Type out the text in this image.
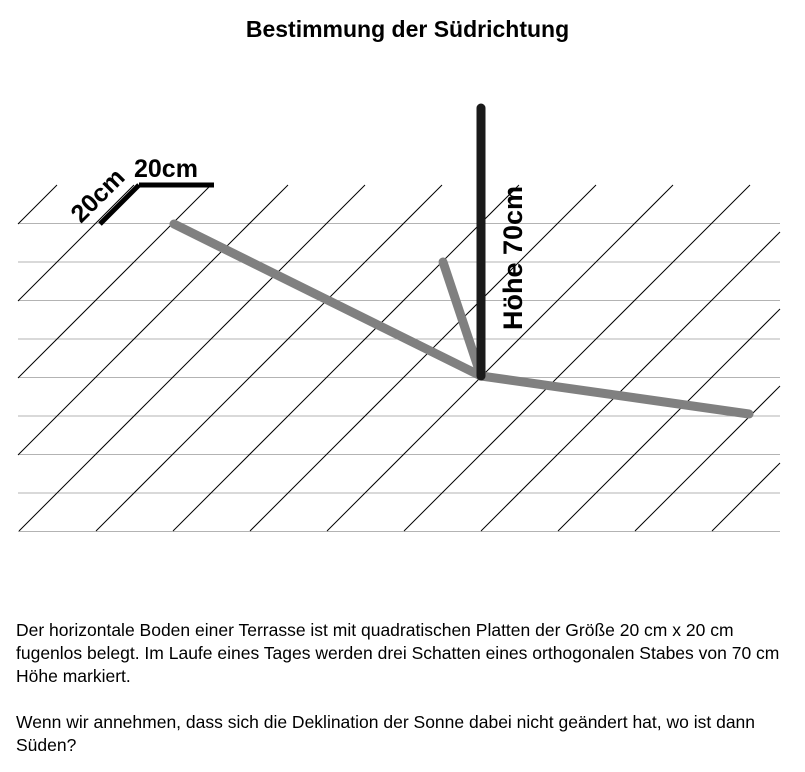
Bestimmung der Südrichtung
20cm
20cm	Höhe 70cm

Der horizontale Boden einer Terrasse ist mit quadratischen Platten der Größe 20 cm x 20 cm fugenlos belegt. Im Laufe eines Tages werden drei Schatten eines orthogonalen Stabes von 70 cm Höhe markiert.

Wenn wir annehmen, dass sich die Deklination der Sonne dabei nicht geändert hat, wo ist dann Süden?
